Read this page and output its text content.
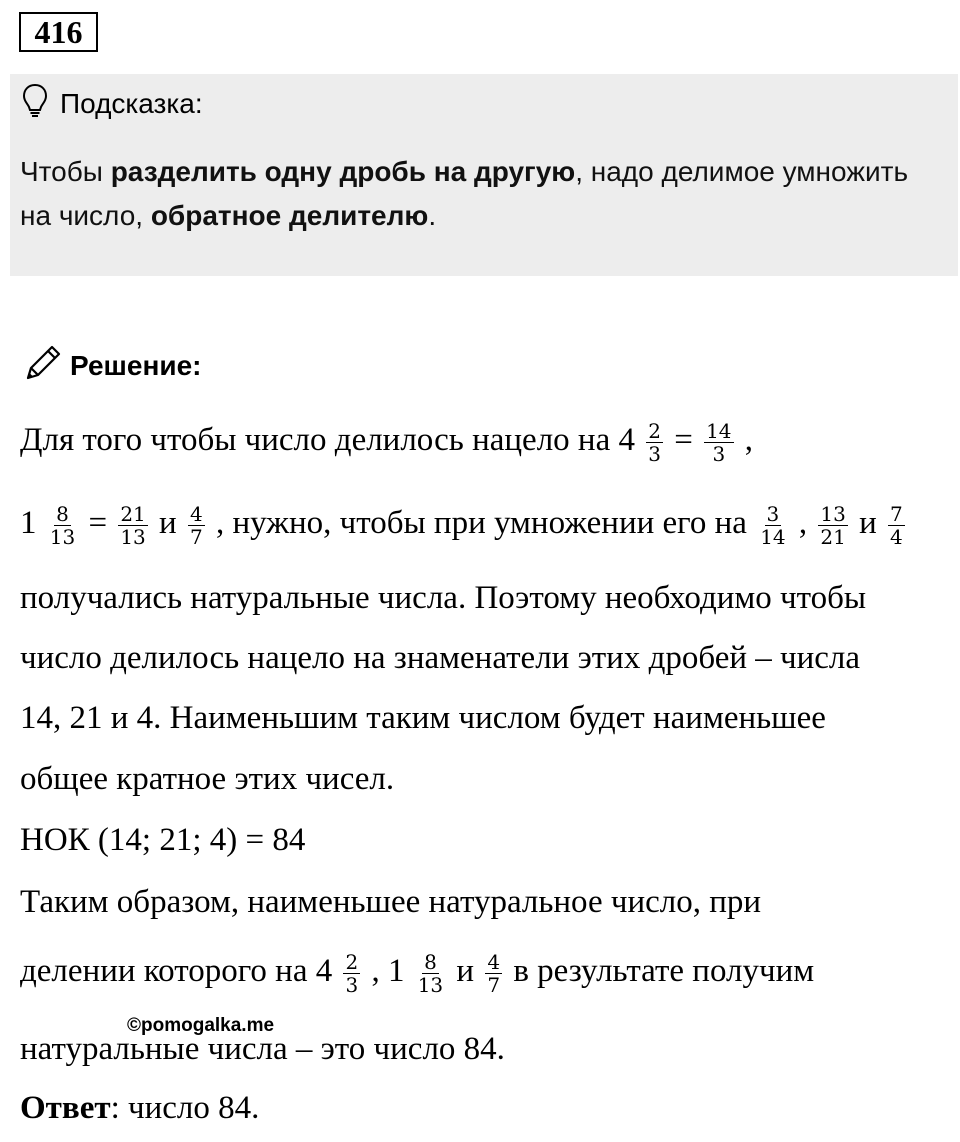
416
Подсказка:
Чтобы разделить одну дробь на другую, надо делимое умножить на число, обратное делителю.
Решение:
Для того чтобы число делилось нацело на $4 \frac{2}{3} = \frac{14}{3}$ ,
$1 \frac{8}{13} = \frac{21}{13}$ и $\frac{4}{7}$ , нужно, чтобы при умножении его на $\frac{3}{14}$ , $\frac{13}{21}$ и $\frac{7}{4}$
получались натуральные числа. Поэтому необходимо чтобы
число делилось нацело на знаменатели этих дробей – числа
14, 21 и 4. Наименьшим таким числом будет наименьшее
общее кратное этих чисел.
НОК (14; 21; 4) = 84
Таким образом, наименьшее натуральное число, при
делении которого на $4 \frac{2}{3}$ , $1 \frac{8}{13}$ и $\frac{4}{7}$ в результате получим
©pomogalka.me
натуральные числа – это число 84.
Ответ: число 84.
